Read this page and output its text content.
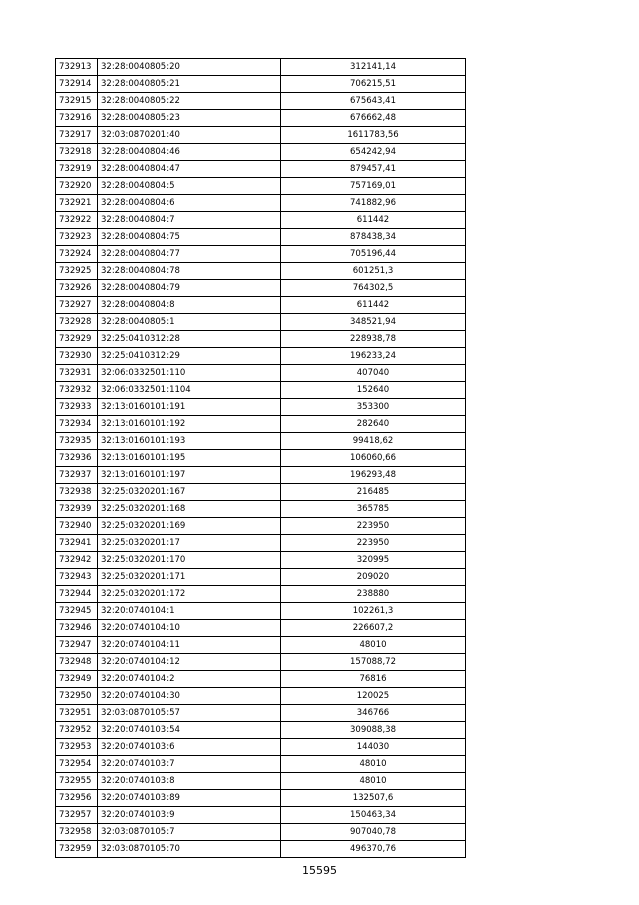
732913	32:28:0040805:20	312141,14
732914	32:28:0040805:21	706215,51
732915	32:28:0040805:22	675643,41
732916	32:28:0040805:23	676662,48
732917	32:03:0870201:40	1611783,56
732918	32:28:0040804:46	654242,94
732919	32:28:0040804:47	879457,41
732920	32:28:0040804:5	757169,01
732921	32:28:0040804:6	741882,96
732922	32:28:0040804:7	611442
732923	32:28:0040804:75	878438,34
732924	32:28:0040804:77	705196,44
732925	32:28:0040804:78	601251,3
732926	32:28:0040804:79	764302,5
732927	32:28:0040804:8	611442
732928	32:28:0040805:1	348521,94
732929	32:25:0410312:28	228938,78
732930	32:25:0410312:29	196233,24
732931	32:06:0332501:110	407040
732932	32:06:0332501:1104	152640
732933	32:13:0160101:191	353300
732934	32:13:0160101:192	282640
732935	32:13:0160101:193	99418,62
732936	32:13:0160101:195	106060,66
732937	32:13:0160101:197	196293,48
732938	32:25:0320201:167	216485
732939	32:25:0320201:168	365785
732940	32:25:0320201:169	223950
732941	32:25:0320201:17	223950
732942	32:25:0320201:170	320995
732943	32:25:0320201:171	209020
732944	32:25:0320201:172	238880
732945	32:20:0740104:1	102261,3
732946	32:20:0740104:10	226607,2
732947	32:20:0740104:11	48010
732948	32:20:0740104:12	157088,72
732949	32:20:0740104:2	76816
732950	32:20:0740104:30	120025
732951	32:03:0870105:57	346766
732952	32:20:0740103:54	309088,38
732953	32:20:0740103:6	144030
732954	32:20:0740103:7	48010
732955	32:20:0740103:8	48010
732956	32:20:0740103:89	132507,6
732957	32:20:0740103:9	150463,34
732958	32:03:0870105:7	907040,78
732959	32:03:0870105:70	496370,76
15595
